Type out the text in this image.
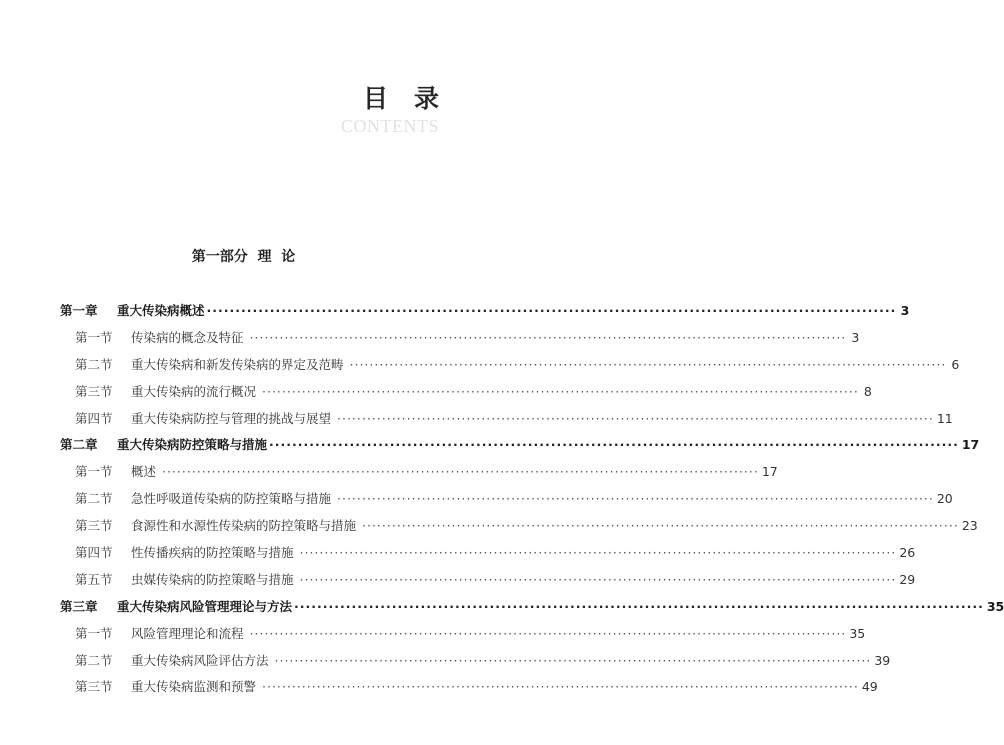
目录
CONTENTS
第一部分  理  论
第一章	重大传染病概述 ························································································································ 3
第一节	传染病的概念及特征 ························································································································ 3
第二节	重大传染病和新发传染病的界定及范畴 ························································································································ 6
第三节	重大传染病的流行概况 ························································································································ 8
第四节	重大传染病防控与管理的挑战与展望 ························································································································ 11
第二章	重大传染病防控策略与措施 ························································································································ 17
第一节	概述 ························································································································ 17
第二节	急性呼吸道传染病的防控策略与措施 ························································································································ 20
第三节	食源性和水源性传染病的防控策略与措施 ························································································································ 23
第四节	性传播疾病的防控策略与措施 ························································································································ 26
第五节	虫媒传染病的防控策略与措施 ························································································································ 29
第三章	重大传染病风险管理理论与方法 ························································································································ 35
第一节	风险管理理论和流程 ························································································································ 35
第二节	重大传染病风险评估方法 ························································································································ 39
第三节	重大传染病监测和预警 ························································································································ 49
